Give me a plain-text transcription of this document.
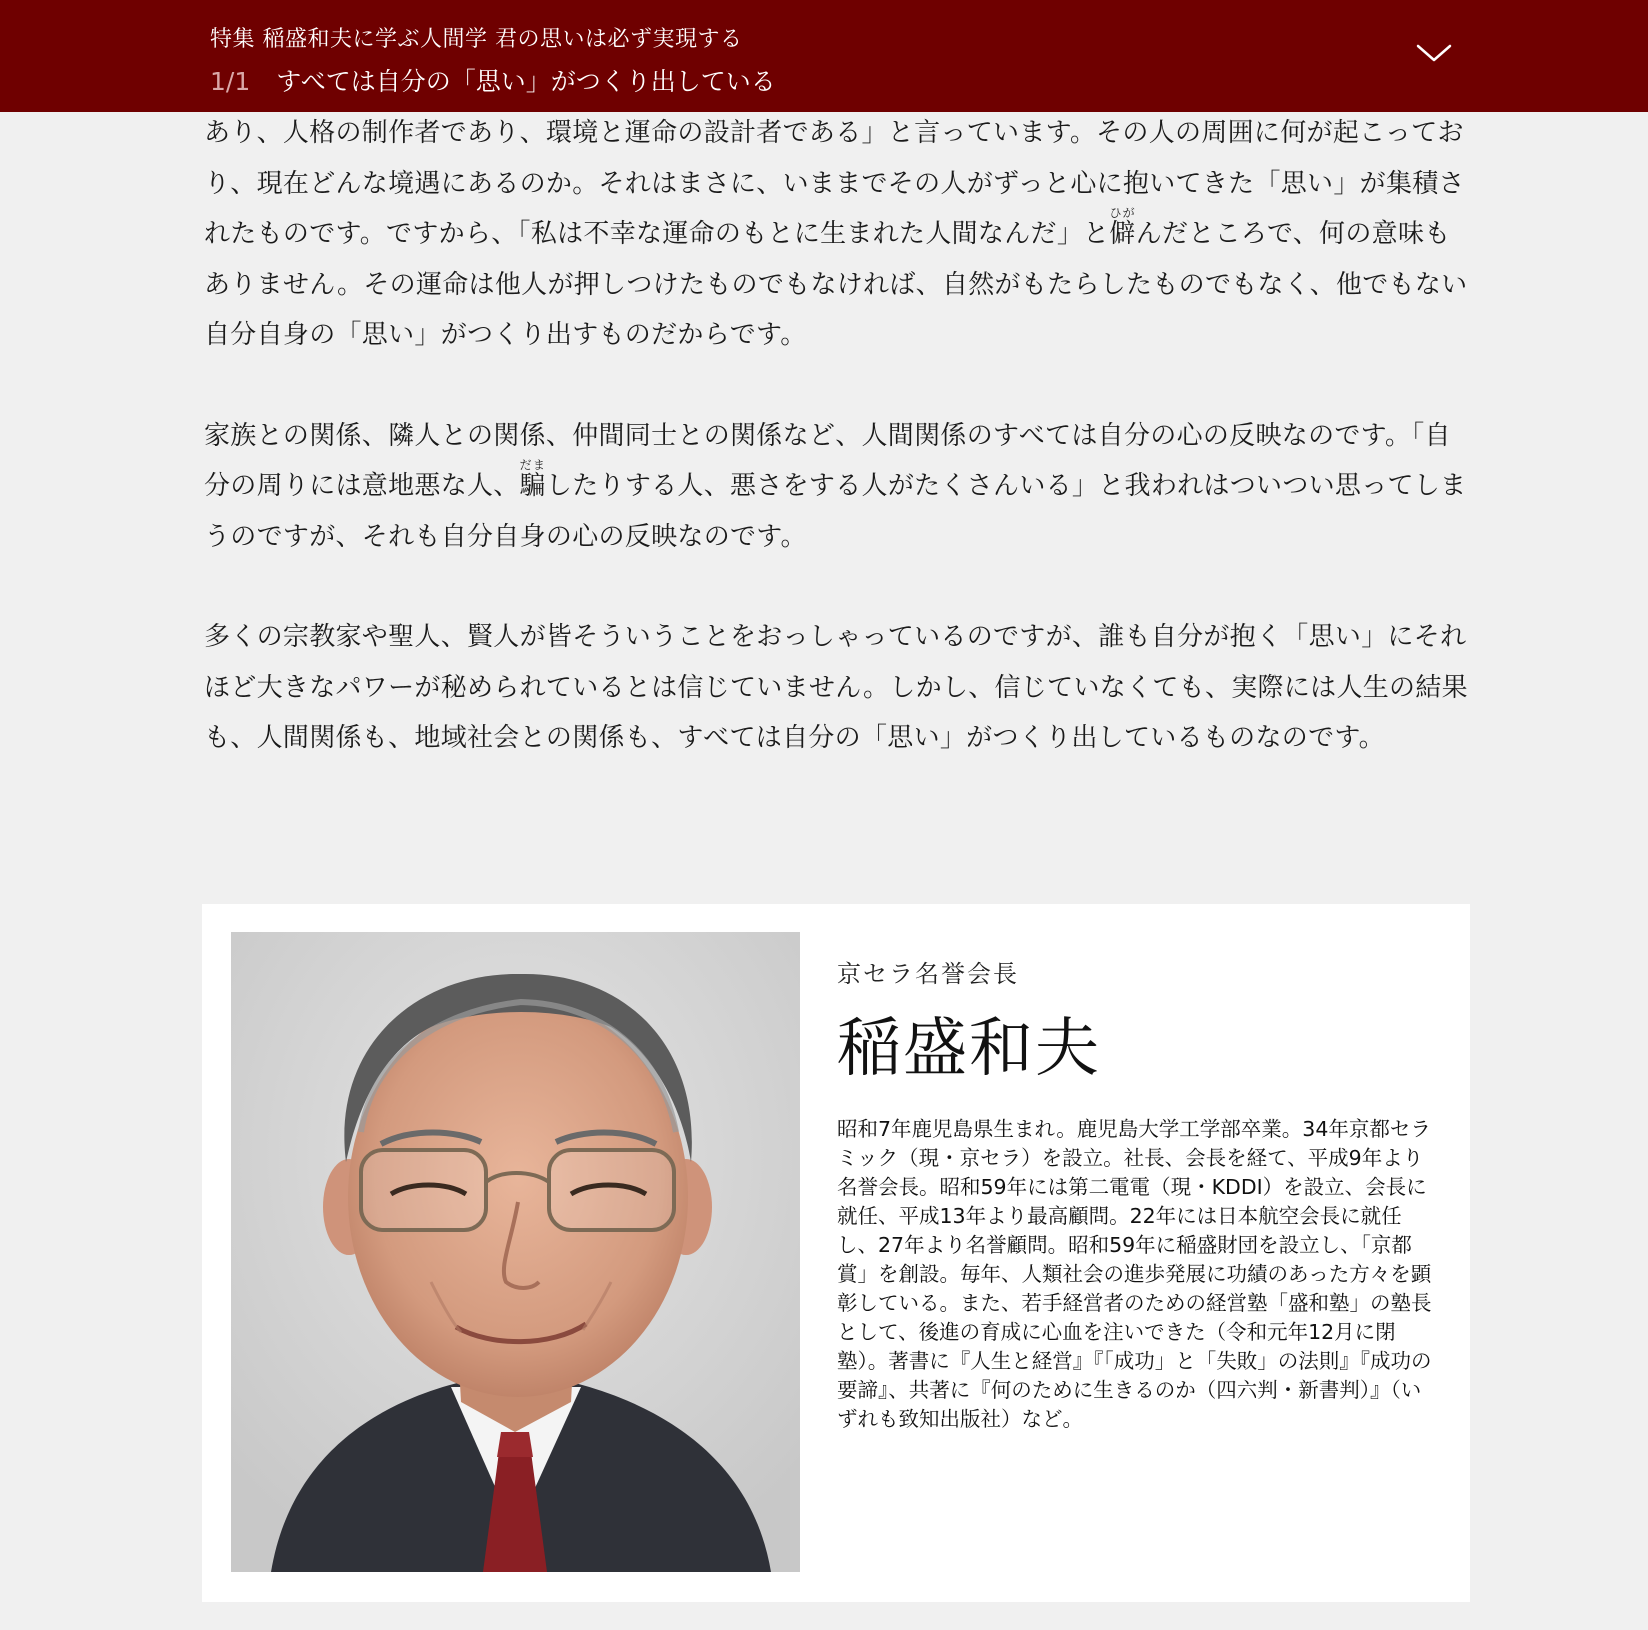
特集 稲盛和夫に学ぶ人間学 君の思いは必ず実現する
1/1 すべては自分の「思い」がつくり出している

あり、人格の制作者であり、環境と運命の設計者である」と言っています。その人の周囲に何が起こっており、現在どんな境遇にあるのか。それはまさに、いままでその人がずっと心に抱いてきた「思い」が集積されたものです。ですから、「私は不幸な運命のもとに生まれた人間なんだ」と僻ひがんだところで、何の意味もありません。その運命は他人が押しつけたものでもなければ、自然がもたらしたものでもなく、他でもない自分自身の「思い」がつくり出すものだからです。

家族との関係、隣人との関係、仲間同士との関係など、人間関係のすべては自分の心の反映なのです。「自分の周りには意地悪な人、騙だましたりする人、悪さをする人がたくさんいる」と我われはついつい思ってしまうのですが、それも自分自身の心の反映なのです。

多くの宗教家や聖人、賢人が皆そういうことをおっしゃっているのですが、誰も自分が抱く「思い」にそれほど大きなパワーが秘められているとは信じていません。しかし、信じていなくても、実際には人生の結果も、人間関係も、地域社会との関係も、すべては自分の「思い」がつくり出しているものなのです。

京セラ名誉会長
稲盛和夫
昭和7年鹿児島県生まれ。鹿児島大学工学部卒業。34年京都セラミック（現・京セラ）を設立。社長、会長を経て、平成9年より名誉会長。昭和59年には第二電電（現・KDDI）を設立、会長に就任、平成13年より最高顧問。22年には日本航空会長に就任し、27年より名誉顧問。昭和59年に稲盛財団を設立し、「京都賞」を創設。毎年、人類社会の進歩発展に功績のあった方々を顕彰している。また、若手経営者のための経営塾「盛和塾」の塾長として、後進の育成に心血を注いできた（令和元年12月に閉塾）。著書に『人生と経営』『「成功」と「失敗」の法則』『成功の要諦』、共著に『何のために生きるのか（四六判・新書判）』（いずれも致知出版社）など。
